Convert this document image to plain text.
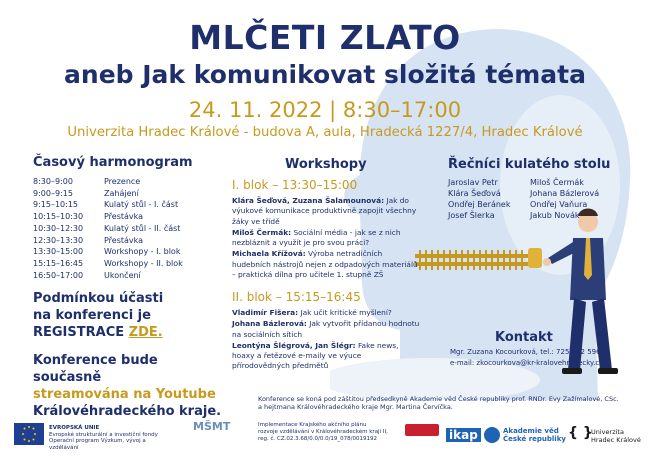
MLČETI ZLATO
aneb Jak komunikovat složitá témata
24. 11. 2022 | 8:30–17:00
Univerzita Hradec Králové - budova A, aula, Hradecká 1227/4, Hradec Králové
Časový harmonogram
8:30–9:00	Prezence
9:00–9:15	Zahájení
9:15–10:15	Kulatý stůl - I. část
10:15–10:30	Přestávka
10:30–12:30	Kulatý stůl - II. část
12:30–13:30	Přestávka
13:30–15:00	Workshopy - I. blok
15:15–16:45	Workshopy - II. blok
16:50–17:00	Ukončení
Podmínkou účasti
na konferenci je
REGISTRACE ZDE.
Konference bude současně
streamována na Youtube
Královéhradeckého kraje.
Workshopy
I. blok – 13:30–15:00
Klára Šeďová, Zuzana Šalamounová: Jak do výukové komunikace produktivně zapojit všechny žáky ve třídě
Miloš Čermák: Sociální média - jak se z nich nezbláznit a využít je pro svou práci?
Michaela Křížová: Výroba netradičních hudebních nástrojů nejen z odpadových materiálů – praktická dílna pro učitele 1. stupně ZŠ
II. blok – 15:15–16:45
Vladimír Fišera: Jak učit kritické myšlení?
Johana Bázlerová: Jak vytvořit přídanou hodnotu na sociálních sítích
Leontýna Šlégrová, Jan Šlégr: Fake news, hoaxy a řetězové e-maily ve výuce přírodovědných předmětů
Řečníci kulatého stolu
Jaroslav Petr
Klára Šeďová
Ondřej Beránek
Josef Šlerka
Miloš Čermák
Johana Bázlerová
Ondřej Vaňura
Jakub Novák
Kontakt
Mgr. Zuzana Kocourková, tel.: 725 542 596
e-mail: zkocourkova@kr-kralovehradecky.cz
Konference se koná pod záštitou předsedkyně Akademie věd České republiky prof. RNDr. Evy Zažímalové, CSc.
a hejtmana Královéhradeckého kraje Mgr. Martina Červíčka.
Implementace Krajského akčního plánu
rozvoje vzdělávání v Královéhradeckém kraji II,
reg. č. CZ.02.3.68/0.0/0.0/19_078/0019192
EVROPSKÁ UNIE
Evropské strukturální a investiční fondy
Operační program Výzkum, vývoj a vzdělávání
MŠMT
ikap	Akademie věd
České republiky { }
Univerzita
Hradec Králové
